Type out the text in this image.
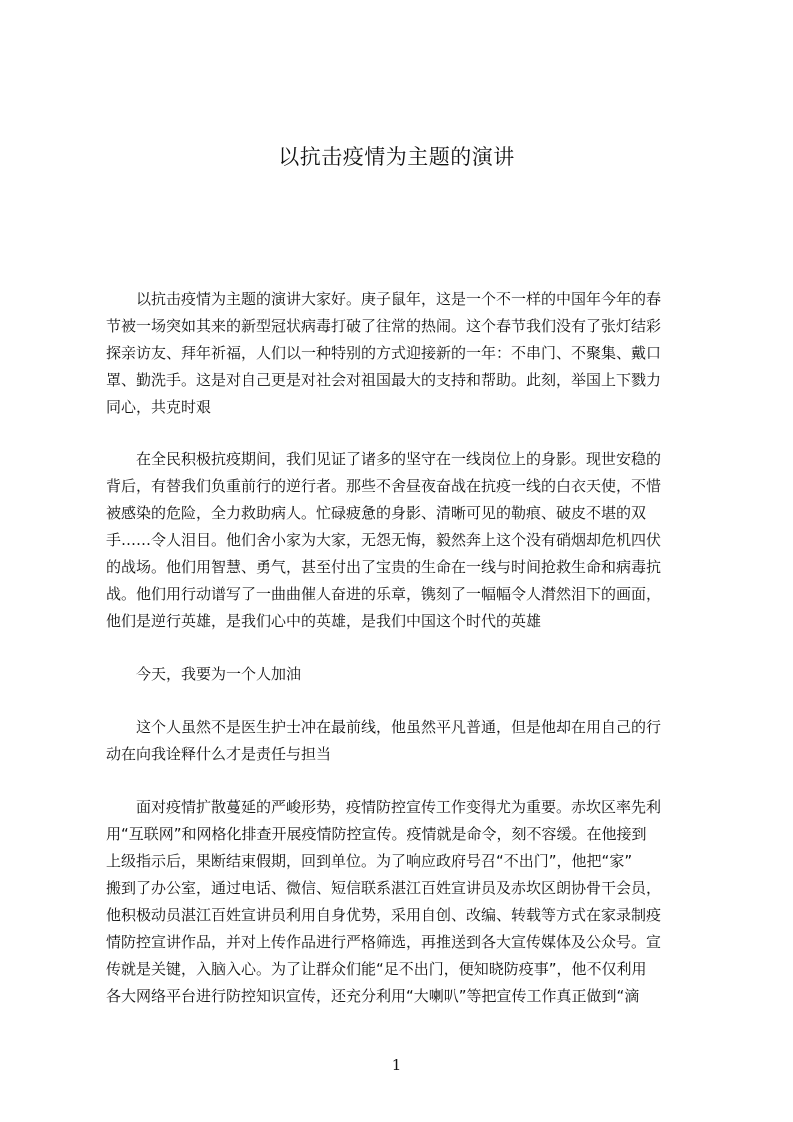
以抗击疫情为主题的演讲
以抗击疫情为主题的演讲大家好。庚子鼠年，这是一个不一样的中国年今年的春
节被一场突如其来的新型冠状病毒打破了往常的热闹。这个春节我们没有了张灯结彩
探亲访友、拜年祈福，人们以一种特别的方式迎接新的一年：不串门、不聚集、戴口
罩、勤洗手。这是对自己更是对社会对祖国最大的支持和帮助。此刻，举国上下戮力
同心，共克时艰
在全民积极抗疫期间，我们见证了诸多的坚守在一线岗位上的身影。现世安稳的
背后，有替我们负重前行的逆行者。那些不舍昼夜奋战在抗疫一线的白衣天使，不惜
被感染的危险，全力救助病人。忙碌疲惫的身影、清晰可见的勒痕、破皮不堪的双
手……令人泪目。他们舍小家为大家，无怨无悔，毅然奔上这个没有硝烟却危机四伏
的战场。他们用智慧、勇气，甚至付出了宝贵的生命在一线与时间抢救生命和病毒抗
战。他们用行动谱写了一曲曲催人奋进的乐章，镌刻了一幅幅令人潸然泪下的画面，
他们是逆行英雄，是我们心中的英雄，是我们中国这个时代的英雄
今天，我要为一个人加油
这个人虽然不是医生护士冲在最前线，他虽然平凡普通，但是他却在用自己的行
动在向我诠释什么才是责任与担当
面对疫情扩散蔓延的严峻形势，疫情防控宣传工作变得尤为重要。赤坎区率先利
用“互联网”和网格化排查开展疫情防控宣传。疫情就是命令，刻不容缓。在他接到
上级指示后，果断结束假期，回到单位。为了响应政府号召“不出门”，他把“家”
搬到了办公室，通过电话、微信、短信联系湛江百姓宣讲员及赤坎区朗协骨干会员，
他积极动员湛江百姓宣讲员利用自身优势，采用自创、改编、转载等方式在家录制疫
情防控宣讲作品，并对上传作品进行严格筛选，再推送到各大宣传媒体及公众号。宣
传就是关键，入脑入心。为了让群众们能“足不出门，便知晓防疫事”，他不仅利用
各大网络平台进行防控知识宣传，还充分利用“大喇叭”等把宣传工作真正做到“滴
1
